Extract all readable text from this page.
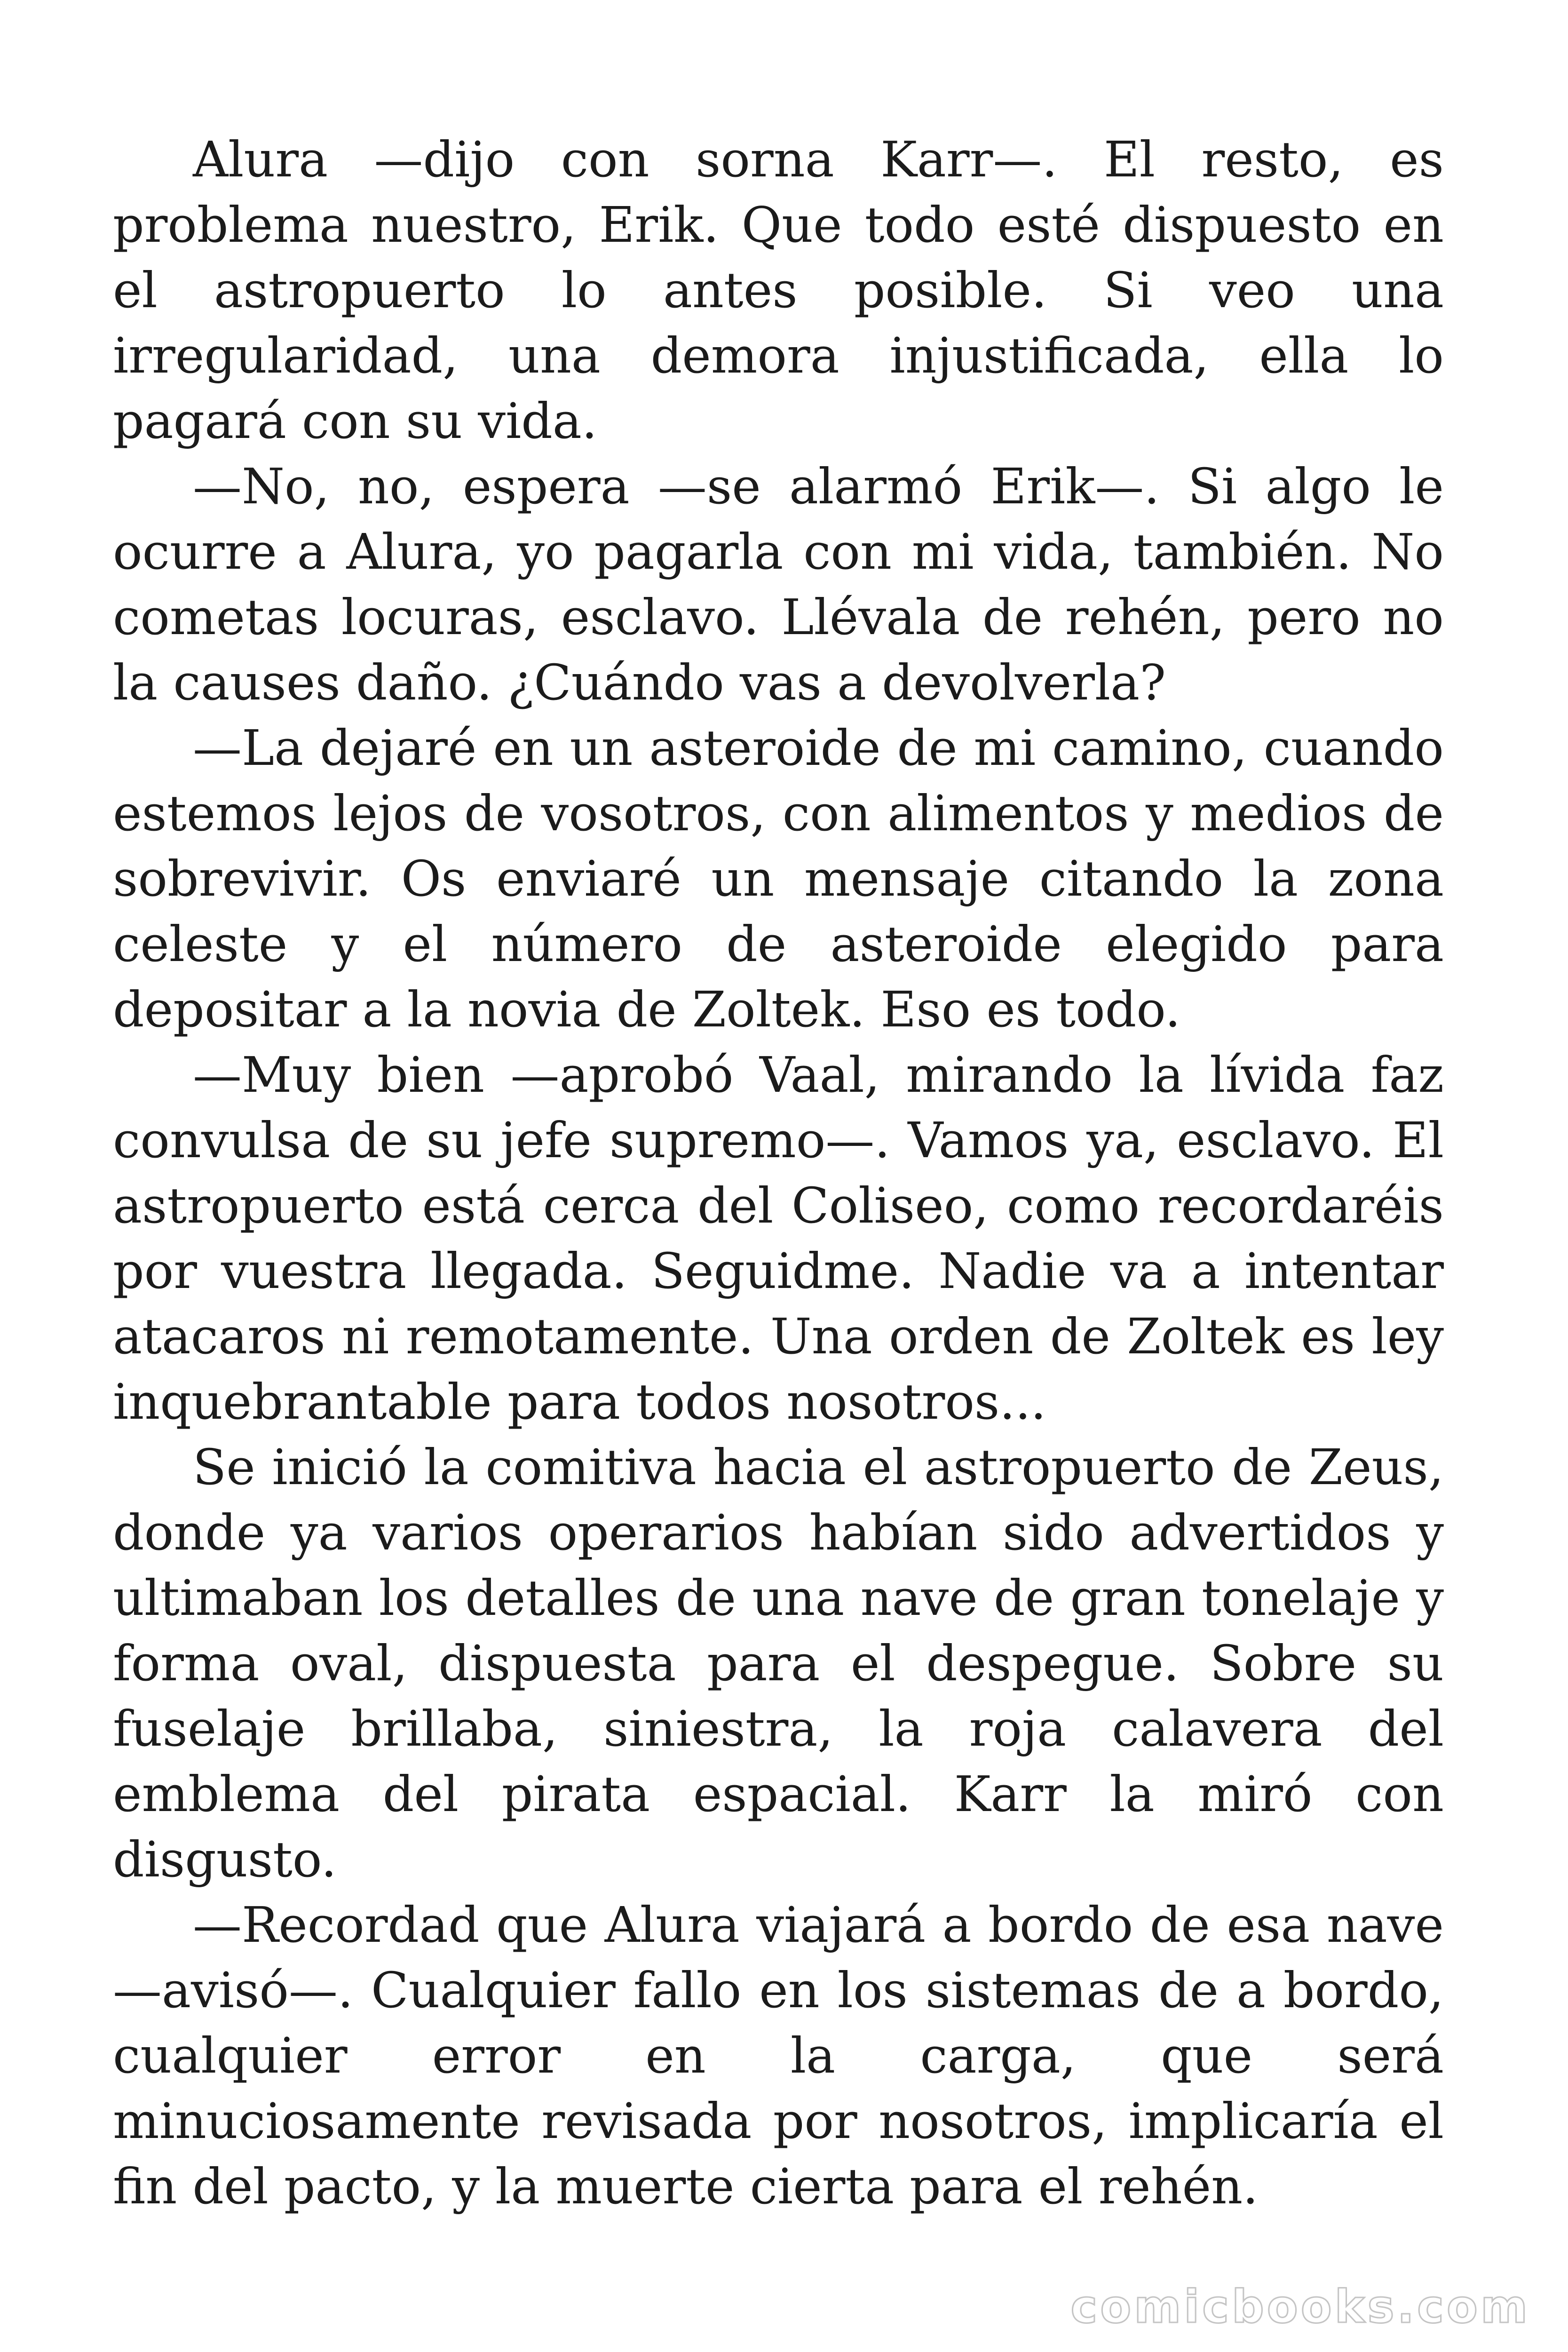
Alura —dijo con sorna Karr—. El resto, es problema nuestro, Erik. Que todo esté dispuesto en el astropuerto lo antes posible. Si veo una irregularidad, una demora injustificada, ella lo pagará con su vida.

—No, no, espera —se alarmó Erik—. Si algo le ocurre a Alura, yo pagarla con mi vida, también. No cometas locuras, esclavo. Llévala de rehén, pero no la causes daño. ¿Cuándo vas a devolverla?

—La dejaré en un asteroide de mi camino, cuando estemos lejos de vosotros, con alimentos y medios de sobrevivir. Os enviaré un mensaje citando la zona celeste y el número de asteroide elegido para depositar a la novia de Zoltek. Eso es todo.

—Muy bien —aprobó Vaal, mirando la lívida faz convulsa de su jefe supremo—. Vamos ya, esclavo. El astropuerto está cerca del Coliseo, como recordaréis por vuestra llegada. Seguidme. Nadie va a intentar atacaros ni remotamente. Una orden de Zoltek es ley inquebrantable para todos nosotros...

Se inició la comitiva hacia el astropuerto de Zeus, donde ya varios operarios habían sido advertidos y ultimaban los detalles de una nave de gran tonelaje y forma oval, dispuesta para el despegue. Sobre su fuselaje brillaba, siniestra, la roja calavera del emblema del pirata espacial. Karr la miró con disgusto.

—Recordad que Alura viajará a bordo de esa nave —avisó—. Cualquier fallo en los sistemas de a bordo, cualquier error en la carga, que será minuciosamente revisada por nosotros, implicaría el fin del pacto, y la muerte cierta para el rehén.

comicbooks.com
